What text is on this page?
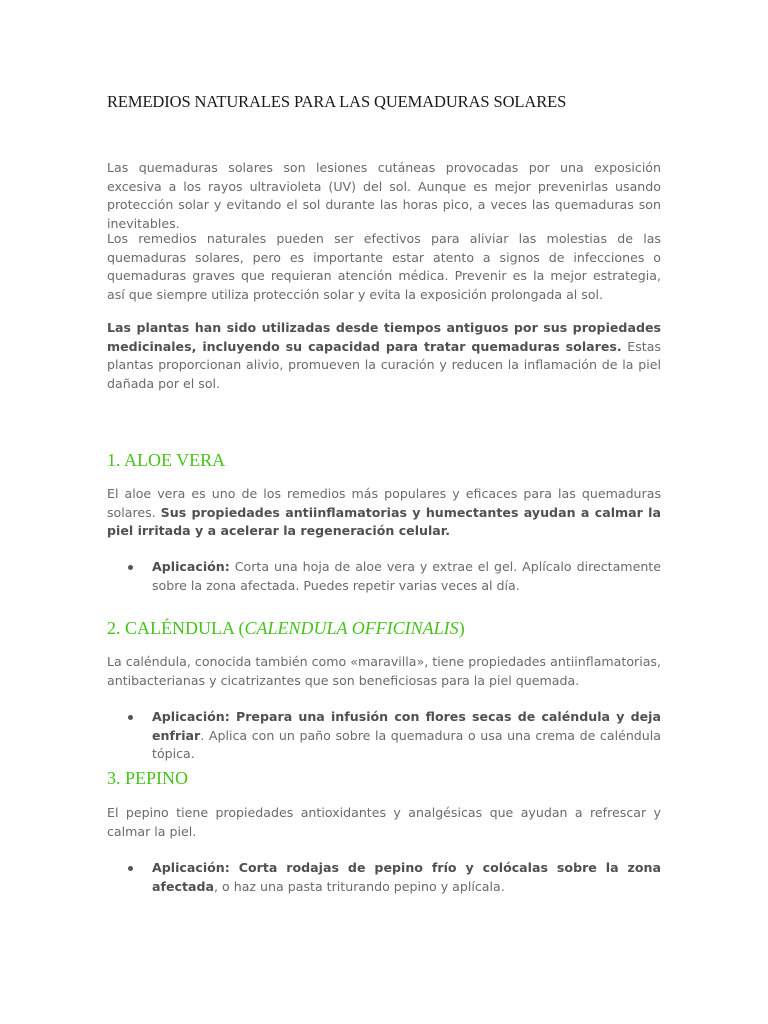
REMEDIOS NATURALES PARA LAS QUEMADURAS SOLARES

Las quemaduras solares son lesiones cutáneas provocadas por una exposición excesiva a los rayos ultravioleta (UV) del sol. Aunque es mejor prevenirlas usando protección solar y evitando el sol durante las horas pico, a veces las quemaduras son inevitables.

Los remedios naturales pueden ser efectivos para aliviar las molestias de las quemaduras solares, pero es importante estar atento a signos de infecciones o quemaduras graves que requieran atención médica. Prevenir es la mejor estrategia, así que siempre utiliza protección solar y evita la exposición prolongada al sol.

Las plantas han sido utilizadas desde tiempos antiguos por sus propiedades medicinales, incluyendo su capacidad para tratar quemaduras solares. Estas plantas proporcionan alivio, promueven la curación y reducen la inflamación de la piel dañada por el sol.

1. ALOE VERA

El aloe vera es uno de los remedios más populares y eficaces para las quemaduras solares. Sus propiedades antiinflamatorias y humectantes ayudan a calmar la piel irritada y a acelerar la regeneración celular.

Aplicación: Corta una hoja de aloe vera y extrae el gel. Aplícalo directamente sobre la zona afectada. Puedes repetir varias veces al día.

2. CALÉNDULA (CALENDULA OFFICINALIS)

La caléndula, conocida también como «maravilla», tiene propiedades antiinflamatorias, antibacterianas y cicatrizantes que son beneficiosas para la piel quemada.

Aplicación: Prepara una infusión con flores secas de caléndula y deja enfriar. Aplica con un paño sobre la quemadura o usa una crema de caléndula tópica.

3. PEPINO

El pepino tiene propiedades antioxidantes y analgésicas que ayudan a refrescar y calmar la piel.

Aplicación: Corta rodajas de pepino frío y colócalas sobre la zona afectada, o haz una pasta triturando pepino y aplícala.
